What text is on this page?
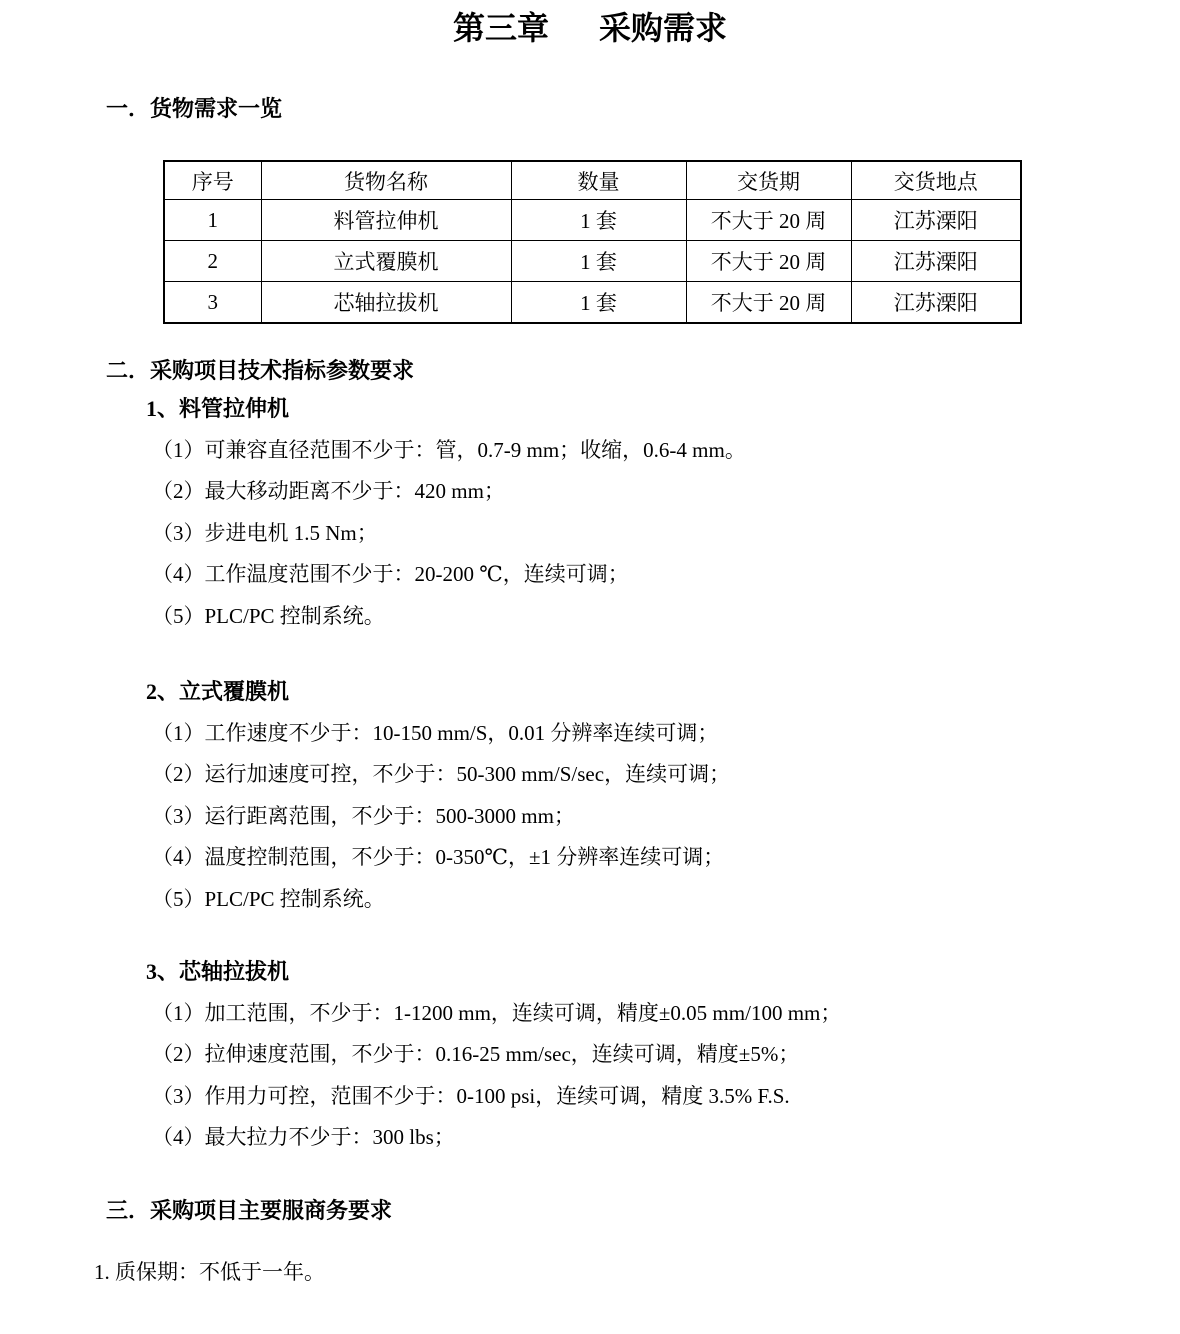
第三章 采购需求
一．货物需求一览
序号	货物名称	数量	交货期	交货地点
1	料管拉伸机	1 套	不大于 20 周	江苏溧阳
2	立式覆膜机	1 套	不大于 20 周	江苏溧阳
3	芯轴拉拔机	1 套	不大于 20 周	江苏溧阳
二．采购项目技术指标参数要求
1、料管拉伸机

（1）可兼容直径范围不少于：管，0.7-9 mm；收缩，0.6-4 mm。

（2）最大移动距离不少于：420 mm；

（3）步进电机 1.5 Nm；

（4）工作温度范围不少于：20-200 ℃，连续可调；

（5）PLC/PC 控制系统。

2、立式覆膜机

（1）工作速度不少于：10-150 mm/S，0.01 分辨率连续可调；

（2）运行加速度可控，不少于：50-300 mm/S/sec，连续可调；

（3）运行距离范围，不少于：500-3000 mm；

（4）温度控制范围，不少于：0-350℃，±1 分辨率连续可调；

（5）PLC/PC 控制系统。

3、芯轴拉拔机

（1）加工范围，不少于：1-1200 mm，连续可调，精度±0.05 mm/100 mm；

（2）拉伸速度范围，不少于：0.16-25 mm/sec，连续可调，精度±5%；

（3）作用力可控，范围不少于：0-100 psi，连续可调，精度 3.5% F.S.

（4）最大拉力不少于：300 lbs；

三．采购项目主要服商务要求

1. 质保期：不低于一年。
